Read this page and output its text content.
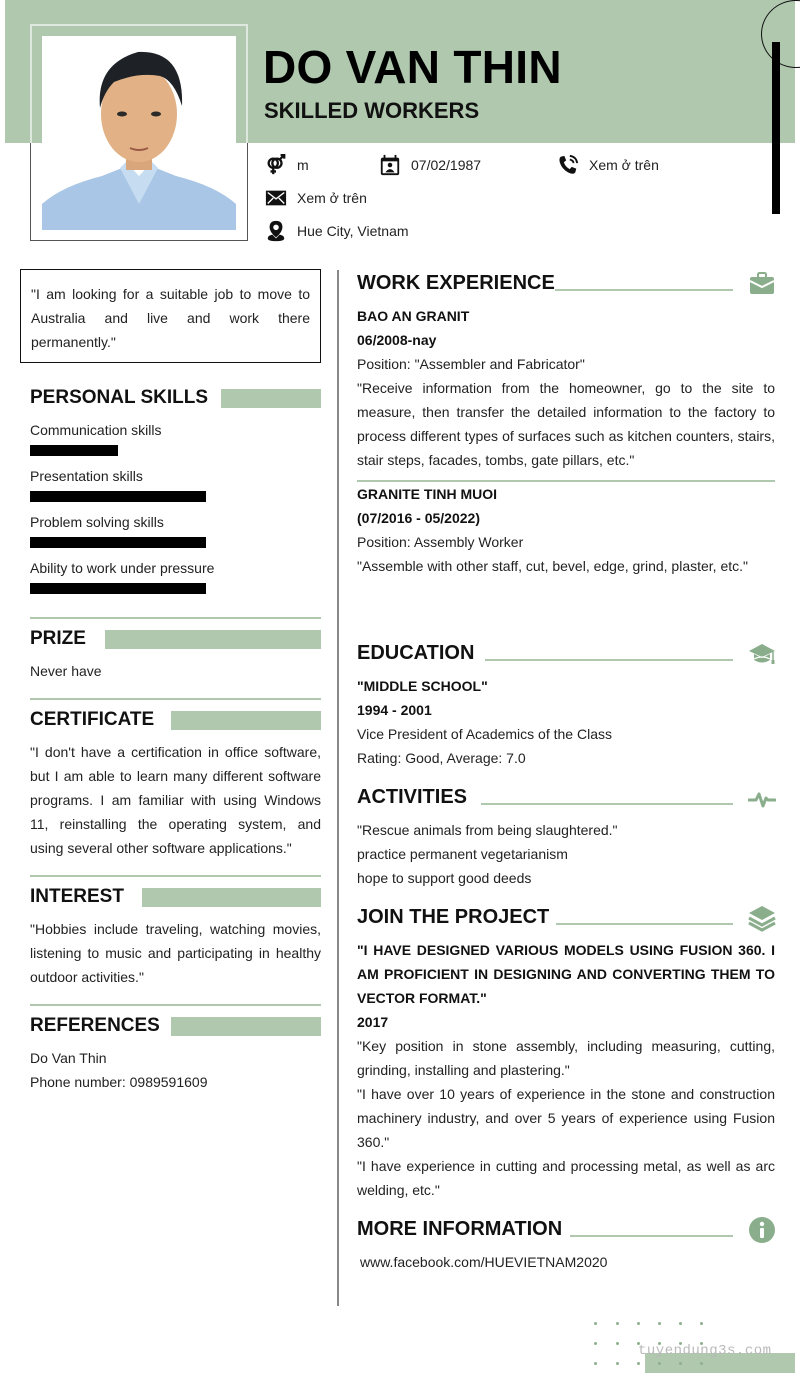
DO VAN THIN
SKILLED WORKERS
m	07/02/1987	Xem ở trên
Xem ở trên
Hue City, Vietnam
"I am looking for a suitable job to move to Australia and live and work there permanently."
PERSONAL SKILLS
Communication skills
Presentation skills
Problem solving skills
Ability to work under pressure
PRIZE
Never have
CERTIFICATE
"I don't have a certification in office software, but I am able to learn many different software programs. I am familiar with using Windows 11, reinstalling the operating system, and using several other software applications."
INTEREST
"Hobbies include traveling, watching movies, listening to music and participating in healthy outdoor activities."
REFERENCES
Do Van Thin
Phone number: 0989591609
WORK EXPERIENCE
BAO AN GRANIT
06/2008-nay
Position: "Assembler and Fabricator"
"Receive information from the homeowner, go to the site to measure, then transfer the detailed information to the factory to process different types of surfaces such as kitchen counters, stairs, stair steps, facades, tombs, gate pillars, etc."
GRANITE TINH MUOI
(07/2016 - 05/2022)
Position: Assembly Worker
"Assemble with other staff, cut, bevel, edge, grind, plaster, etc."
EDUCATION
"MIDDLE SCHOOL"
1994 - 2001
Vice President of Academics of the Class
Rating: Good, Average: 7.0
ACTIVITIES
"Rescue animals from being slaughtered."
practice permanent vegetarianism
hope to support good deeds
JOIN THE PROJECT
"I HAVE DESIGNED VARIOUS MODELS USING FUSION 360. I AM PROFICIENT IN DESIGNING AND CONVERTING THEM TO VECTOR FORMAT."
2017
"Key position in stone assembly, including measuring, cutting, grinding, installing and plastering."
"I have over 10 years of experience in the stone and construction machinery industry, and over 5 years of experience using Fusion 360."
"I have experience in cutting and processing metal, as well as arc welding, etc."
MORE INFORMATION
www.facebook.com/HUEVIETNAM2020
tuyendung3s.com
